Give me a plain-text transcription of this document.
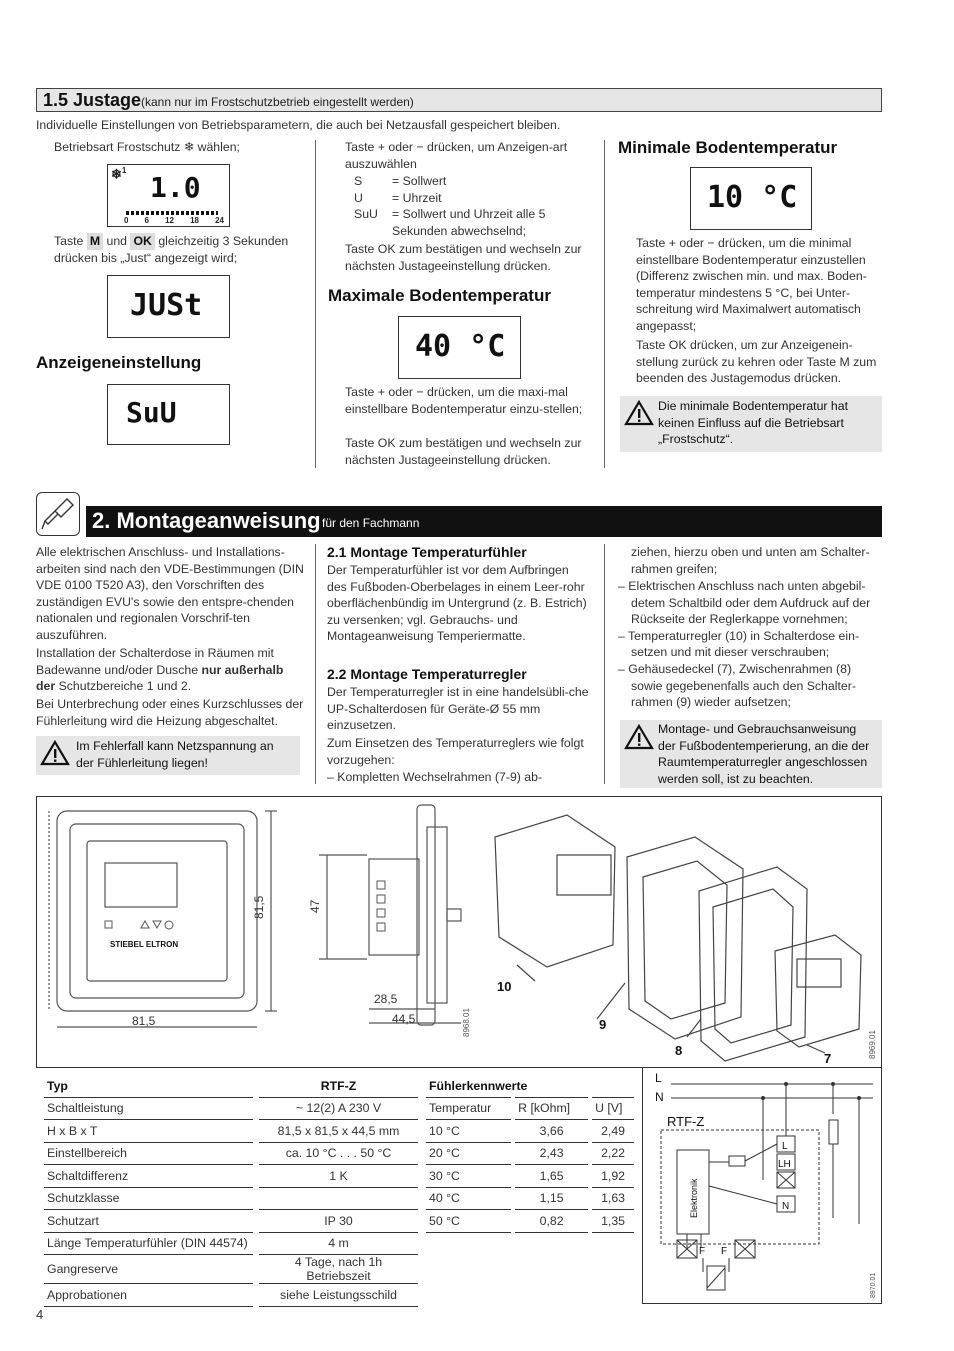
1.5 Justage (kann nur im Frostschutzbetrieb eingestellt werden)
Individuelle Einstellungen von Betriebsparametern, die auch bei Netzausfall gespeichert bleiben.
Betriebsart Frostschutz ❄ wählen;
❄$^1$
1.0
0 6 12 18 24
Taste M und OK gleichzeitig 3 Sekunden drücken bis „Just“ angezeigt wird;
JUSt
Anzeigeneinstellung
SuU
Taste + oder − drücken, um Anzeigen-art auszuwählen
S = Sollwert
U = Uhrzeit
SuU	= Sollwert und Uhrzeit alle 5 Sekunden abwechselnd;
Taste OK zum bestätigen und wechseln zur nächsten Justageeinstellung drücken.
Maximale Bodentemperatur
40 °C
Taste + oder − drücken, um die maxi-mal einstellbare Bodentemperatur einzu-stellen;
Taste OK zum bestätigen und wechseln zur nächsten Justageeinstellung drücken.
Minimale Bodentemperatur
10 °C
Taste + oder − drücken, um die minimal einstellbare Bodentemperatur einzustellen (Differenz zwischen min. und max. Boden-temperatur mindestens 5 °C, bei Unter-schreitung wird Maximalwert automatisch angepasst;
Taste OK drücken, um zur Anzeigenein-stellung zurück zu kehren oder Taste M zum beenden des Justagemodus drücken.
Die minimale Bodentemperatur hat keinen Einfluss auf die Betriebsart „Frostschutz“.
2. Montageanweisung für den Fachmann
Alle elektrischen Anschluss- und Installations-arbeiten sind nach den VDE-Bestimmungen (DIN VDE 0100 T520 A3), den Vorschriften des zuständigen EVU's sowie den entspre-chenden nationalen und regionalen Vorschrif-ten auszuführen.
Installation der Schalterdose in Räumen mit Badewanne und/oder Dusche nur außerhalb der Schutzbereiche 1 und 2.
Bei Unterbrechung oder eines Kurzschlusses der Fühlerleitung wird die Heizung abgeschaltet.
Im Fehlerfall kann Netzspannung an der Fühlerleitung liegen!
2.1 Montage Temperaturfühler
Der Temperaturfühler ist vor dem Aufbringen des Fußboden-Oberbelages in einem Leer-rohr oberflächenbündig im Untergrund (z. B. Estrich) zu versenken; vgl. Gebrauchs- und Montageanweisung Temperiermatte.
2.2 Montage Temperaturregler
Der Temperaturregler ist in eine handelsübli-che UP-Schalterdosen für Geräte-Ø 55 mm einzusetzen.
Zum Einsetzen des Temperaturreglers wie folgt vorzugehen:
– Kompletten Wechselrahmen (7-9) ab-
ziehen, hierzu oben und unten am Schalter-rahmen greifen;
– Elektrischen Anschluss nach unten abgebil-detem Schaltbild oder dem Aufdruck auf der Rückseite der Reglerkappe vornehmen;
– Temperaturregler (10) in Schalterdose ein-setzen und mit dieser verschrauben;
– Gehäusedeckel (7), Zwischenrahmen (8) sowie gegebenenfalls auch den Schalter-rahmen (9) wieder aufsetzen;
Montage- und Gebrauchsanweisung der Fußbodentemperierung, an die der Raumtemperaturregler angeschlossen werden soll, ist zu beachten.
STIEBEL ELTRON
81,5
81,5	47
28,5
44,5	8968.01
10
9
8
7	8969.01
Typ	RTF-Z
Schaltleistung	~ 12(2) A 230 V
H x B x T	81,5 x 81,5 x 44,5 mm
Einstellbereich	ca. 10 °C . . . 50 °C
Schaltdifferenz	1 K
Schutzklasse	
Schutzart	IP 30
Länge Temperaturfühler (DIN 44574)	4 m
Gangreserve	4 Tage, nach 1h Betriebszeit
Approbationen	siehe Leistungsschild
Fühlerkennwerte		
Temperatur	R [kOhm]	U [V]
10 °C	3,66	2,49
20 °C	2,43	2,22
30 °C	1,65	1,92
40 °C	1,15	1,63
50 °C	0,82	1,35
L
N
RTF-Z
Elektronik
L
LH
N
F F
8970.01
4
